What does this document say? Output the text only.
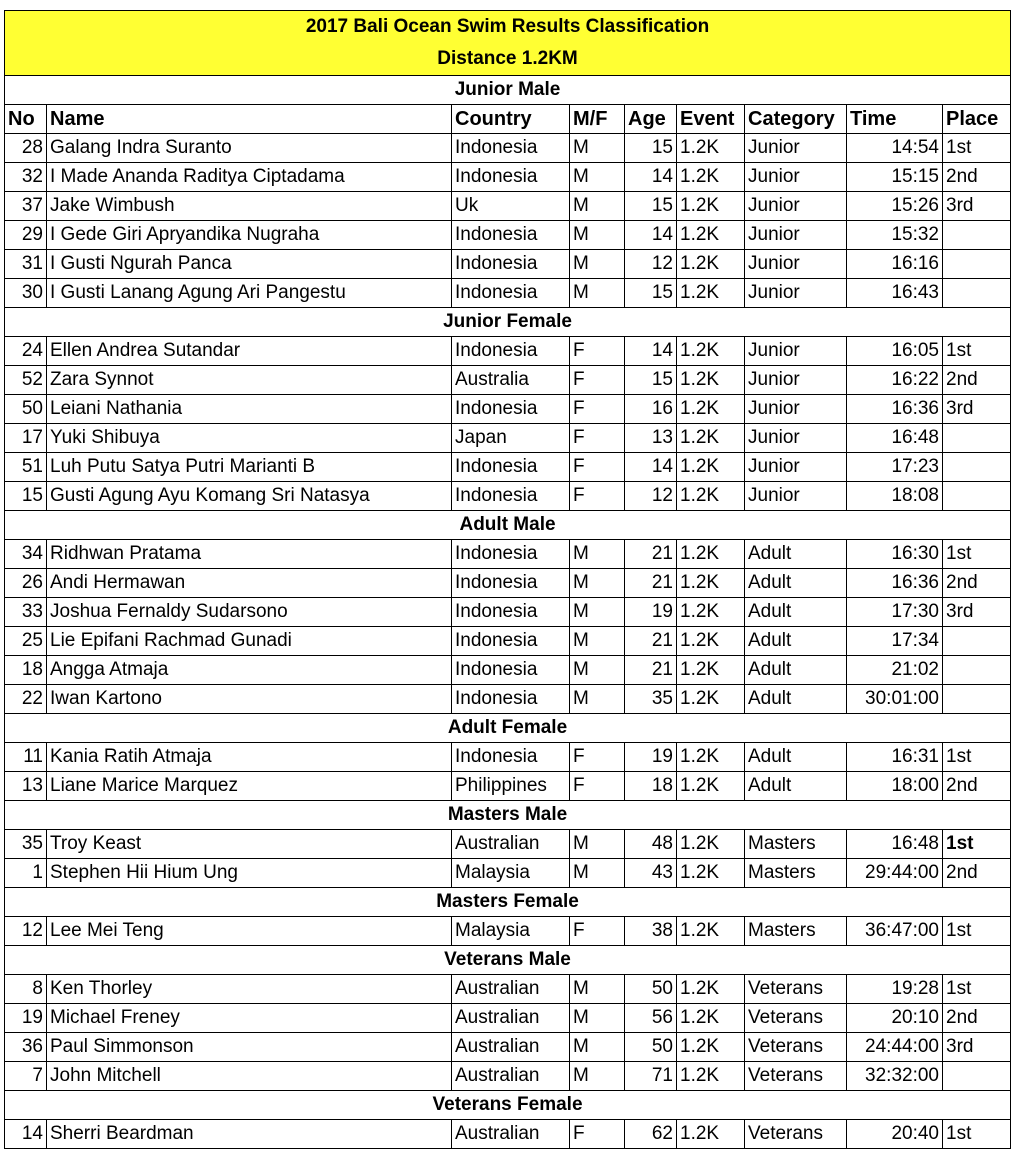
2017 Bali Ocean Swim Results Classification								
Distance 1.2KM								
Junior Male								
No	Name	Country	M/F	Age	Event	Category	Time	Place
28	Galang Indra Suranto	Indonesia	M	15	1.2K	Junior	14:54	1st
32	I Made Ananda Raditya Ciptadama	Indonesia	M	14	1.2K	Junior	15:15	2nd
37	Jake Wimbush	Uk	M	15	1.2K	Junior	15:26	3rd
29	I Gede Giri Apryandika Nugraha	Indonesia	M	14	1.2K	Junior	15:32	
31	I Gusti Ngurah Panca	Indonesia	M	12	1.2K	Junior	16:16	
30	I Gusti Lanang Agung Ari Pangestu	Indonesia	M	15	1.2K	Junior	16:43	
Junior Female								
24	Ellen Andrea Sutandar	Indonesia	F	14	1.2K	Junior	16:05	1st
52	Zara Synnot	Australia	F	15	1.2K	Junior	16:22	2nd
50	Leiani Nathania	Indonesia	F	16	1.2K	Junior	16:36	3rd
17	Yuki Shibuya	Japan	F	13	1.2K	Junior	16:48	
51	Luh Putu Satya Putri Marianti B	Indonesia	F	14	1.2K	Junior	17:23	
15	Gusti Agung Ayu Komang Sri Natasya	Indonesia	F	12	1.2K	Junior	18:08	
Adult Male								
34	Ridhwan Pratama	Indonesia	M	21	1.2K	Adult	16:30	1st
26	Andi Hermawan	Indonesia	M	21	1.2K	Adult	16:36	2nd
33	Joshua Fernaldy Sudarsono	Indonesia	M	19	1.2K	Adult	17:30	3rd
25	Lie Epifani Rachmad Gunadi	Indonesia	M	21	1.2K	Adult	17:34	
18	Angga Atmaja	Indonesia	M	21	1.2K	Adult	21:02	
22	Iwan Kartono	Indonesia	M	35	1.2K	Adult	30:01:00	
Adult Female								
11	Kania Ratih Atmaja	Indonesia	F	19	1.2K	Adult	16:31	1st
13	Liane Marice Marquez	Philippines	F	18	1.2K	Adult	18:00	2nd
Masters Male								
35	Troy Keast	Australian	M	48	1.2K	Masters	16:48	1st
1	Stephen Hii Hium Ung	Malaysia	M	43	1.2K	Masters	29:44:00	2nd
Masters Female								
12	Lee Mei Teng	Malaysia	F	38	1.2K	Masters	36:47:00	1st
Veterans Male								
8	Ken Thorley	Australian	M	50	1.2K	Veterans	19:28	1st
19	Michael Freney	Australian	M	56	1.2K	Veterans	20:10	2nd
36	Paul Simmonson	Australian	M	50	1.2K	Veterans	24:44:00	3rd
7	John Mitchell	Australian	M	71	1.2K	Veterans	32:32:00	
Veterans Female								
14	Sherri Beardman	Australian	F	62	1.2K	Veterans	20:40	1st
